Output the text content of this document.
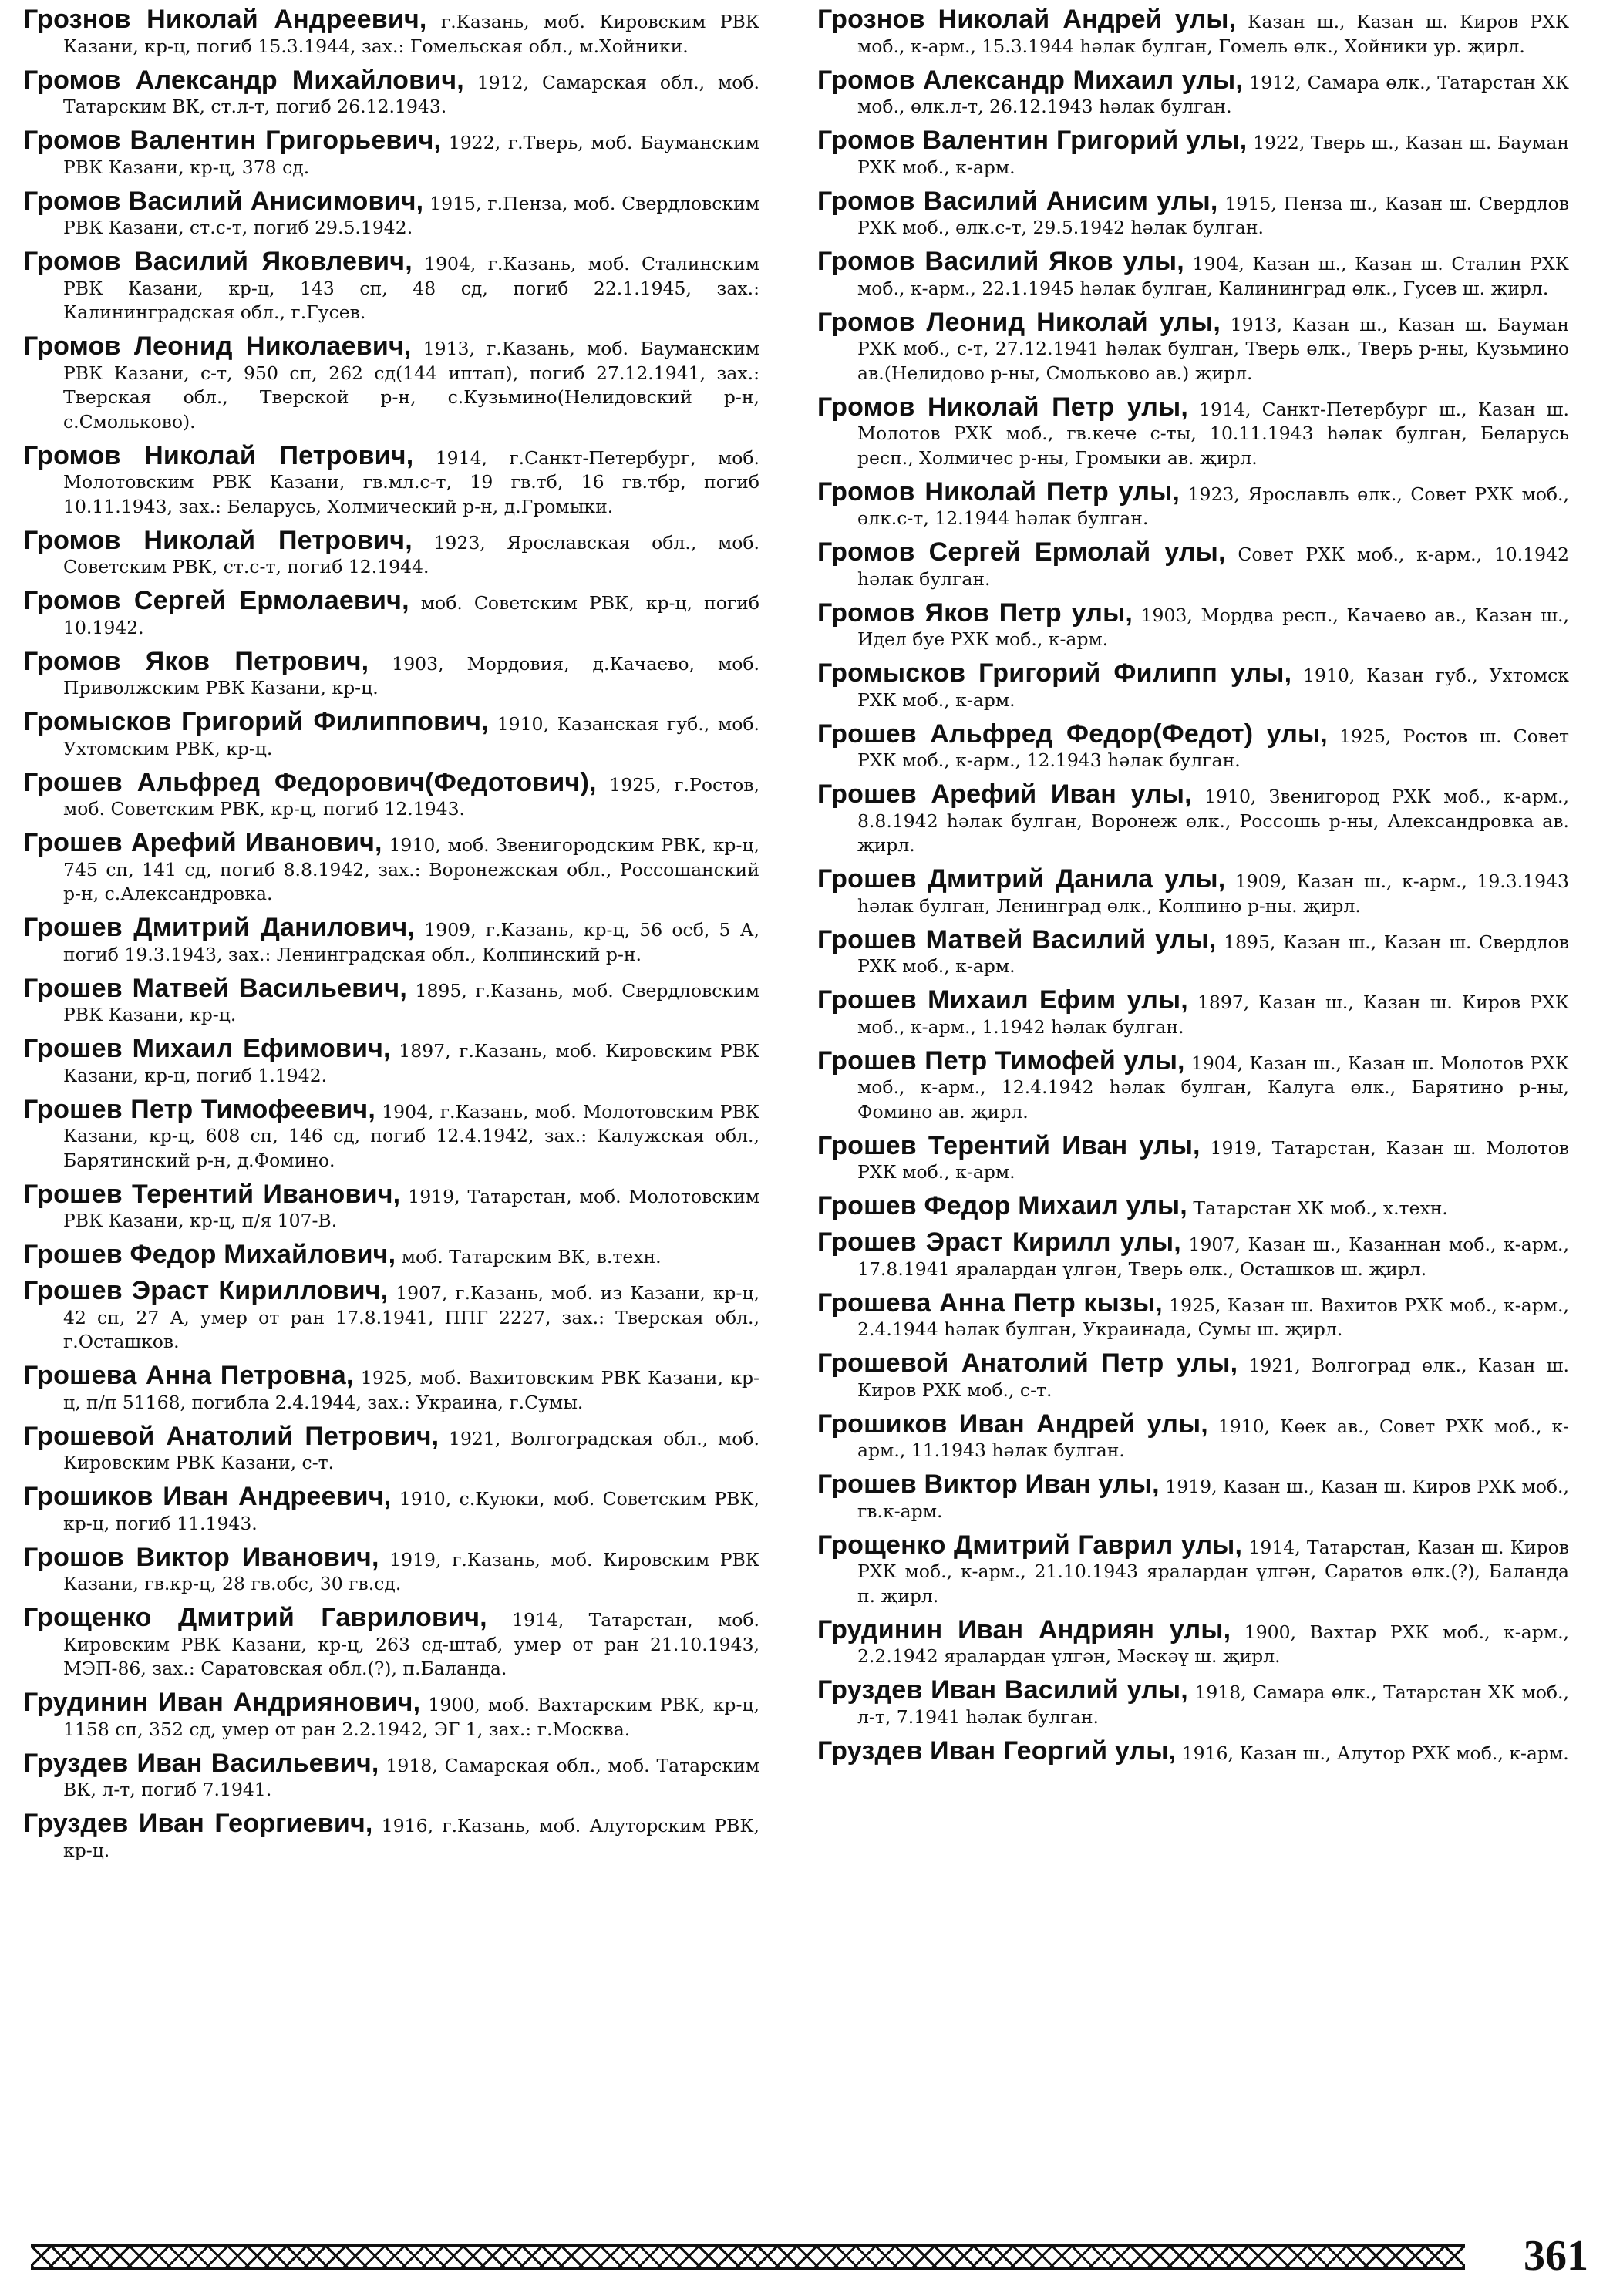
Грознов Николай Андреевич, г.Казань, моб. Кировским РВК Казани, кр-ц, погиб 15.3.1944, зах.: Гомельская обл., м.Хойники.
Громов Александр Михайлович, 1912, Самарская обл., моб. Татарским ВК, ст.л-т, погиб 26.12.1943.
Громов Валентин Григорьевич, 1922, г.Тверь, моб. Бауманским РВК Казани, кр-ц, 378 сд.
Громов Василий Анисимович, 1915, г.Пенза, моб. Свердловским РВК Казани, ст.с-т, погиб 29.5.1942.
Громов Василий Яковлевич, 1904, г.Казань, моб. Сталинским РВК Казани, кр-ц, 143 сп, 48 сд, погиб 22.1.1945, зах.: Калининградская обл., г.Гусев.
Громов Леонид Николаевич, 1913, г.Казань, моб. Бауманским РВК Казани, с-т, 950 сп, 262 сд(144 иптап), погиб 27.12.1941, зах.: Тверская обл., Тверской р-н, с.Кузьмино(Нелидовский р-н, с.Смольково).
Громов Николай Петрович, 1914, г.Санкт-Петербург, моб. Молотовским РВК Казани, гв.мл.с-т, 19 гв.тб, 16 гв.тбр, погиб 10.11.1943, зах.: Беларусь, Холмический р-н, д.Громыки.
Громов Николай Петрович, 1923, Ярославская обл., моб. Советским РВК, ст.с-т, погиб 12.1944.
Громов Сергей Ермолаевич, моб. Советским РВК, кр-ц, погиб 10.1942.
Громов Яков Петрович, 1903, Мордовия, д.Качаево, моб. Приволжским РВК Казани, кр-ц.
Громысков Григорий Филиппович, 1910, Казанская губ., моб. Ухтомским РВК, кр-ц.
Грошев Альфред Федорович(Федотович), 1925, г.Ростов, моб. Советским РВК, кр-ц, погиб 12.1943.
Грошев Арефий Иванович, 1910, моб. Звенигородским РВК, кр-ц, 745 сп, 141 сд, погиб 8.8.1942, зах.: Воронежская обл., Россошанский р-н, с.Александровка.
Грошев Дмитрий Данилович, 1909, г.Казань, кр-ц, 56 осб, 5 А, погиб 19.3.1943, зах.: Ленинградская обл., Колпинский р-н.
Грошев Матвей Васильевич, 1895, г.Казань, моб. Свердловским РВК Казани, кр-ц.
Грошев Михаил Ефимович, 1897, г.Казань, моб. Кировским РВК Казани, кр-ц, погиб 1.1942.
Грошев Петр Тимофеевич, 1904, г.Казань, моб. Молотовским РВК Казани, кр-ц, 608 сп, 146 сд, погиб 12.4.1942, зах.: Калужская обл., Барятинский р-н, д.Фомино.
Грошев Терентий Иванович, 1919, Татарстан, моб. Молотовским РВК Казани, кр-ц, п/я 107-В.
Грошев Федор Михайлович, моб. Татарским ВК, в.техн.
Грошев Эраст Кириллович, 1907, г.Казань, моб. из Казани, кр-ц, 42 сп, 27 А, умер от ран 17.8.1941, ППГ 2227, зах.: Тверская обл., г.Осташков.
Грошева Анна Петровна, 1925, моб. Вахитовским РВК Казани, кр-ц, п/п 51168, погибла 2.4.1944, зах.: Украина, г.Сумы.
Грошевой Анатолий Петрович, 1921, Волгоградская обл., моб. Кировским РВК Казани, с-т.
Грошиков Иван Андреевич, 1910, с.Куюки, моб. Советским РВК, кр-ц, погиб 11.1943.
Грошов Виктор Иванович, 1919, г.Казань, моб. Кировским РВК Казани, гв.кр-ц, 28 гв.обс, 30 гв.сд.
Грощенко Дмитрий Гаврилович, 1914, Татарстан, моб. Кировским РВК Казани, кр-ц, 263 сд-штаб, умер от ран 21.10.1943, МЭП-86, зах.: Саратовская обл.(?), п.Баланда.
Грудинин Иван Андриянович, 1900, моб. Вахтарским РВК, кр-ц, 1158 сп, 352 сд, умер от ран 2.2.1942, ЭГ 1, зах.: г.Москва.
Груздев Иван Васильевич, 1918, Самарская обл., моб. Татарским ВК, л-т, погиб 7.1941.
Груздев Иван Георгиевич, 1916, г.Казань, моб. Алуторским РВК, кр-ц.
Грознов Николай Андрей улы, Казан ш., Казан ш. Киров РХК моб., к-арм., 15.3.1944 һәлак булган, Гомель өлк., Хойники ур. җирл.
Громов Александр Михаил улы, 1912, Самара өлк., Татарстан ХК моб., өлк.л-т, 26.12.1943 һәлак булган.
Громов Валентин Григорий улы, 1922, Тверь ш., Казан ш. Бауман РХК моб., к-арм.
Громов Василий Анисим улы, 1915, Пенза ш., Казан ш. Свердлов РХК моб., өлк.с-т, 29.5.1942 һәлак булган.
Громов Василий Яков улы, 1904, Казан ш., Казан ш. Сталин РХК моб., к-арм., 22.1.1945 һәлак булган, Калининград өлк., Гусев ш. җирл.
Громов Леонид Николай улы, 1913, Казан ш., Казан ш. Бауман РХК моб., с-т, 27.12.1941 һәлак булган, Тверь өлк., Тверь р-ны, Кузьмино ав.(Нелидово р-ны, Смольково ав.) җирл.
Громов Николай Петр улы, 1914, Санкт-Петербург ш., Казан ш. Молотов РХК моб., гв.кече с-ты, 10.11.1943 һәлак булган, Беларусь респ., Холмичес р-ны, Громыки ав. җирл.
Громов Николай Петр улы, 1923, Ярославль өлк., Совет РХК моб., өлк.с-т, 12.1944 һәлак булган.
Громов Сергей Ермолай улы, Совет РХК моб., к-арм., 10.1942 һәлак булган.
Громов Яков Петр улы, 1903, Мордва респ., Качаево ав., Казан ш., Идел буе РХК моб., к-арм.
Громысков Григорий Филипп улы, 1910, Казан губ., Ухтомск РХК моб., к-арм.
Грошев Альфред Федор(Федот) улы, 1925, Ростов ш. Совет РХК моб., к-арм., 12.1943 һәлак булган.
Грошев Арефий Иван улы, 1910, Звенигород РХК моб., к-арм., 8.8.1942 һәлак булган, Воронеж өлк., Россошь р-ны, Александровка ав. җирл.
Грошев Дмитрий Данила улы, 1909, Казан ш., к-арм., 19.3.1943 һәлак булган, Ленинград өлк., Колпино р-ны. җирл.
Грошев Матвей Василий улы, 1895, Казан ш., Казан ш. Свердлов РХК моб., к-арм.
Грошев Михаил Ефим улы, 1897, Казан ш., Казан ш. Киров РХК моб., к-арм., 1.1942 һәлак булган.
Грошев Петр Тимофей улы, 1904, Казан ш., Казан ш. Молотов РХК моб., к-арм., 12.4.1942 һәлак булган, Калуга өлк., Барятино р-ны, Фомино ав. җирл.
Грошев Терентий Иван улы, 1919, Татарстан, Казан ш. Молотов РХК моб., к-арм.
Грошев Федор Михаил улы, Татарстан ХК моб., х.техн.
Грошев Эраст Кирилл улы, 1907, Казан ш., Казаннан моб., к-арм., 17.8.1941 яралардан үлгән, Тверь өлк., Осташков ш. җирл.
Грошева Анна Петр кызы, 1925, Казан ш. Вахитов РХК моб., к-арм., 2.4.1944 һәлак булган, Украинада, Сумы ш. җирл.
Грошевой Анатолий Петр улы, 1921, Волгоград өлк., Казан ш. Киров РХК моб., с-т.
Грошиков Иван Андрей улы, 1910, Көек ав., Совет РХК моб., к-арм., 11.1943 һәлак булган.
Грошев Виктор Иван улы, 1919, Казан ш., Казан ш. Киров РХК моб., гв.к-арм.
Грощенко Дмитрий Гаврил улы, 1914, Татарстан, Казан ш. Киров РХК моб., к-арм., 21.10.1943 яралардан үлгән, Саратов өлк.(?), Баланда п. җирл.
Грудинин Иван Андриян улы, 1900, Вахтар РХК моб., к-арм., 2.2.1942 яралардан үлгән, Мәскәү ш. җирл.
Груздев Иван Василий улы, 1918, Самара өлк., Татарстан ХК моб., л-т, 7.1941 һәлак булган.
Груздев Иван Георгий улы, 1916, Казан ш., Алутор РХК моб., к-арм.
361
